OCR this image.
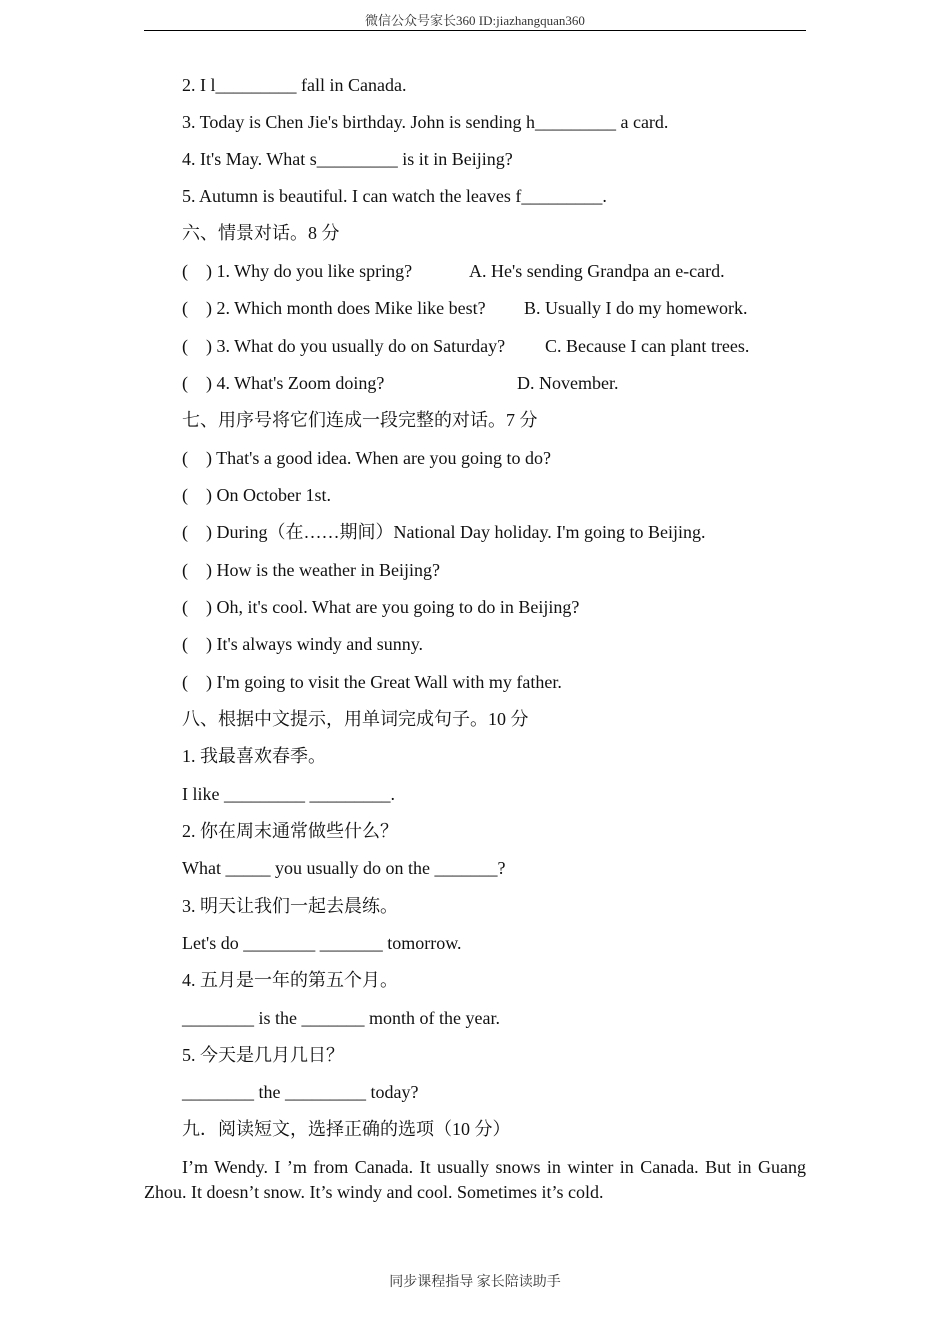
微信公众号家长360 ID:jiazhangquan360
2. I l_________ fall in Canada.
3. Today is Chen Jie's birthday. John is sending h_________ a card.
4. It's May. What s_________ is it in Beijing?
5. Autumn is beautiful. I can watch the leaves f_________.
六、情景对话。8 分
(    ) 1. Why do you like spring?	A. He's sending Grandpa an e-card.
(    ) 2. Which month does Mike like best? B. Usually I do my homework.
(    ) 3. What do you usually do on Saturday? C. Because I can plant trees.
(    ) 4. What's Zoom doing?	D. November.
七、用序号将它们连成一段完整的对话。7 分
(    ) That's a good idea. When are you going to do?
(    ) On October 1st.
(    ) During（在……期间）National Day holiday. I'm going to Beijing.
(    ) How is the weather in Beijing?
(    ) Oh, it's cool. What are you going to do in Beijing?
(    ) It's always windy and sunny.
(    ) I'm going to visit the Great Wall with my father.
八、根据中文提示，用单词完成句子。10 分
1. 我最喜欢春季。
I like _________ _________.
2. 你在周末通常做些什么？
What _____ you usually do on the _______?
3. 明天让我们一起去晨练。
Let's do ________ _______ tomorrow.
4. 五月是一年的第五个月。
________ is the _______ month of the year.
5. 今天是几月几日？
________ the _________ today?
九．阅读短文，选择正确的选项（10 分）
I’m Wendy. I ’m from Canada. It usually snows in winter in Canada. But in Guang Zhou. It doesn’t snow. It’s windy and cool. Sometimes it’s cold.
同步课程指导 家长陪读助手
